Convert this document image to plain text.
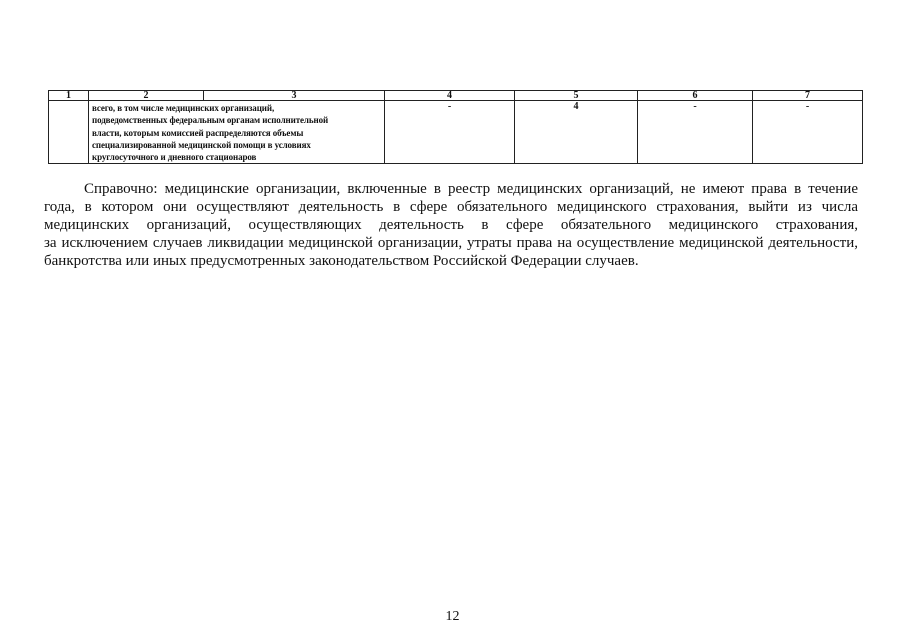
1	2	3	4	5	6	7

	всего, в том числе медицинских организаций,
подведомственных федеральным органам исполнительной
власти, которым комиссией распределяются объемы
специализированной медицинской помощи в условиях
круглосуточного и дневного стационаров		-	4	-	-

Справочно: медицинские организации, включенные в реестр медицинских организаций, не имеют права в течение
года, в котором они осуществляют деятельность в сфере обязательного медицинского страхования, выйти из числа
медицинских организаций, осуществляющих деятельность в сфере обязательного медицинского страхования,
за исключением случаев ликвидации медицинской организации, утраты права на осуществление медицинской деятельности,
банкротства или иных предусмотренных законодательством Российской Федерации случаев.

12
